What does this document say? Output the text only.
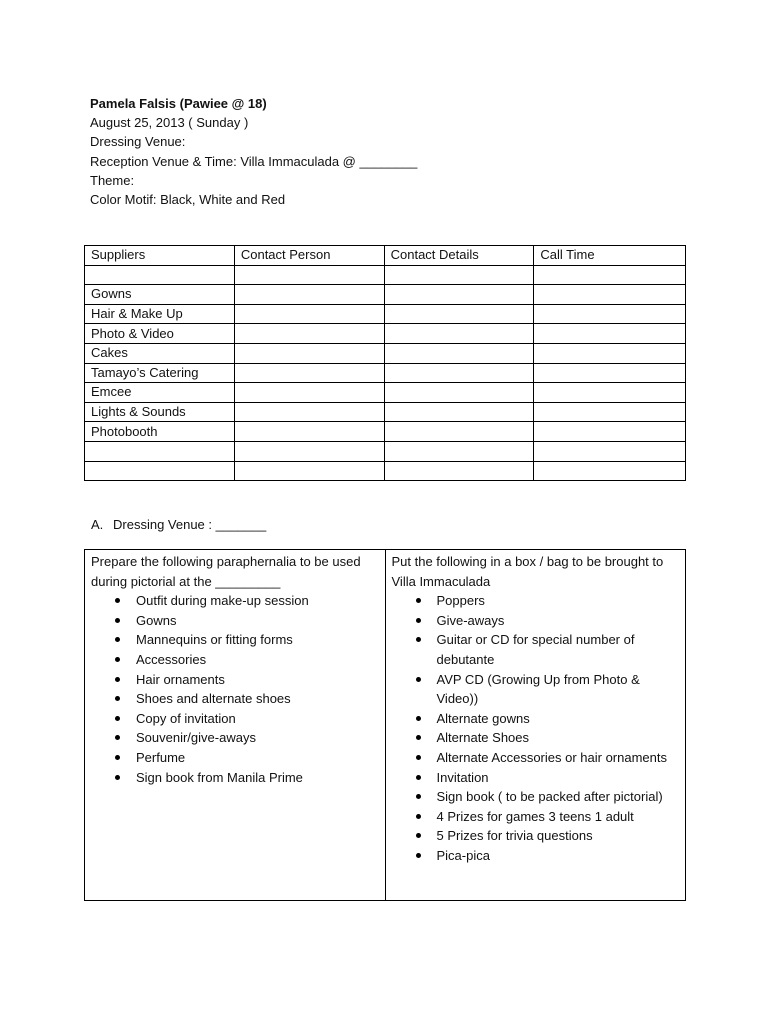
Pamela Falsis (Pawiee @ 18)
August 25, 2013 ( Sunday )
Dressing Venue:
Reception Venue & Time: Villa Immaculada @ ________
Theme:
Color Motif: Black, White and Red
Suppliers	Contact Person	Contact Details	Call Time

Gowns			
Hair & Make Up			
Photo & Video			
Cakes			
Tamayo’s Catering			
Emcee			
Lights & Sounds			
Photobooth			

A. Dressing Venue : _______
Prepare the following paraphernalia to be used during pictorial at the _________
Outfit during make-up session
Gowns
Mannequins or fitting forms
Accessories
Hair ornaments
Shoes and alternate shoes
Copy of invitation
Souvenir/give-aways
Perfume
Sign book from Manila Prime

Put the following in a box / bag to be brought to Villa Immaculada
Poppers
Give-aways
Guitar or CD for special number of debutante
AVP CD (Growing Up from Photo & Video))
Alternate gowns
Alternate Shoes
Alternate Accessories or hair ornaments
Invitation
Sign book ( to be packed after pictorial)
4 Prizes for games 3 teens 1 adult
5 Prizes for trivia questions
Pica-pica
